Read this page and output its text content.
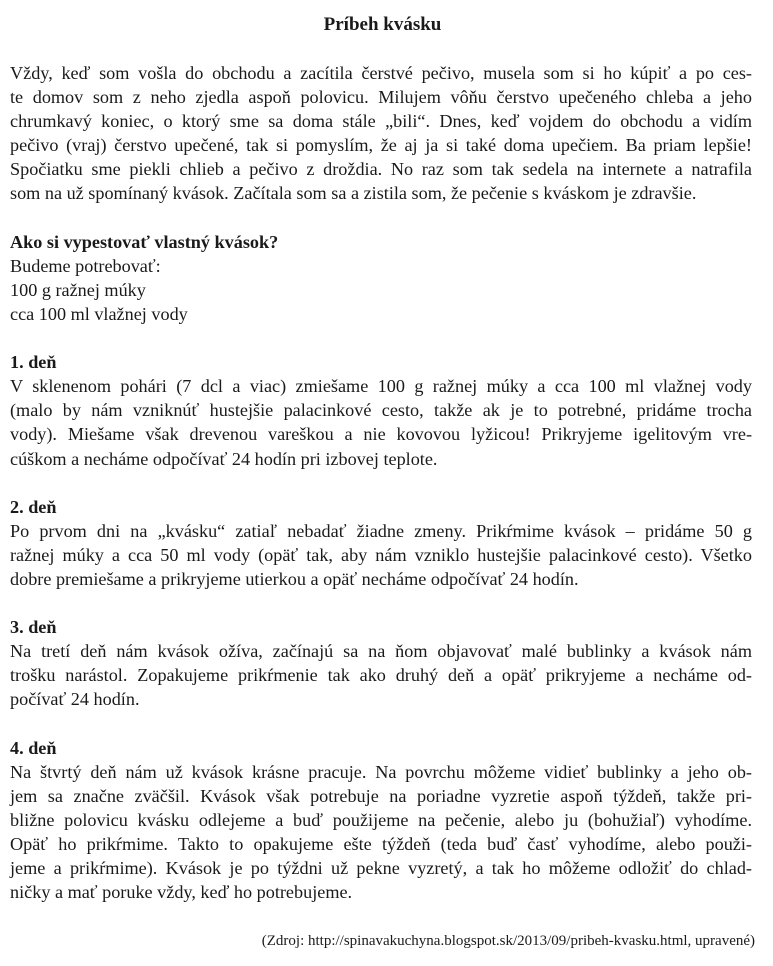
Príbeh kvásku
Vždy, keď som vošla do obchodu a zacítila čerstvé pečivo, musela som si ho kúpiť a po ces-
te domov som z neho zjedla aspoň polovicu. Milujem vôňu čerstvo upečeného chleba a jeho
chrumkavý koniec, o ktorý sme sa doma stále „bili“. Dnes, keď vojdem do obchodu a vidím
pečivo (vraj) čerstvo upečené, tak si pomyslím, že aj ja si také doma upečiem. Ba priam lepšie!
Spočiatku sme piekli chlieb a pečivo z droždia. No raz som tak sedela na internete a natrafila
som na už spomínaný kvások. Začítala som sa a zistila som, že pečenie s kváskom je zdravšie.
Ako si vypestovať vlastný kvások?
Budeme potrebovať:
100 g ražnej múky
cca 100 ml vlažnej vody
1. deň
V sklenenom pohári (7 dcl a viac) zmiešame 100 g ražnej múky a cca 100 ml vlažnej vody
(malo by nám vzniknúť hustejšie palacinkové cesto, takže ak je to potrebné, pridáme trocha
vody). Miešame však drevenou vareškou a nie kovovou lyžicou! Prikryjeme igelitovým vre-
cúškom a necháme odpočívať 24 hodín pri izbovej teplote.
2. deň
Po prvom dni na „kvásku“ zatiaľ nebadať žiadne zmeny. Prikŕmime kvások – pridáme 50 g
ražnej múky a cca 50 ml vody (opäť tak, aby nám vzniklo hustejšie palacinkové cesto). Všetko
dobre premiešame a prikryjeme utierkou a opäť necháme odpočívať 24 hodín.
3. deň
Na tretí deň nám kvások ožíva, začínajú sa na ňom objavovať malé bublinky a kvások nám
trošku narástol. Zopakujeme prikŕmenie tak ako druhý deň a opäť prikryjeme a necháme od-
počívať 24 hodín.
4. deň
Na štvrtý deň nám už kvások krásne pracuje. Na povrchu môžeme vidieť bublinky a jeho ob-
jem sa značne zväčšil. Kvások však potrebuje na poriadne vyzretie aspoň týždeň, takže pri-
bližne polovicu kvásku odlejeme a buď použijeme na pečenie, alebo ju (bohužiaľ) vyhodíme.
Opäť ho prikŕmime. Takto to opakujeme ešte týždeň (teda buď časť vyhodíme, alebo použi-
jeme a prikŕmime). Kvások je po týždni už pekne vyzretý, a tak ho môžeme odložiť do chlad-
ničky a mať poruke vždy, keď ho potrebujeme.
(Zdroj: http://spinavakuchyna.blogspot.sk/2013/09/pribeh-kvasku.html, upravené)
